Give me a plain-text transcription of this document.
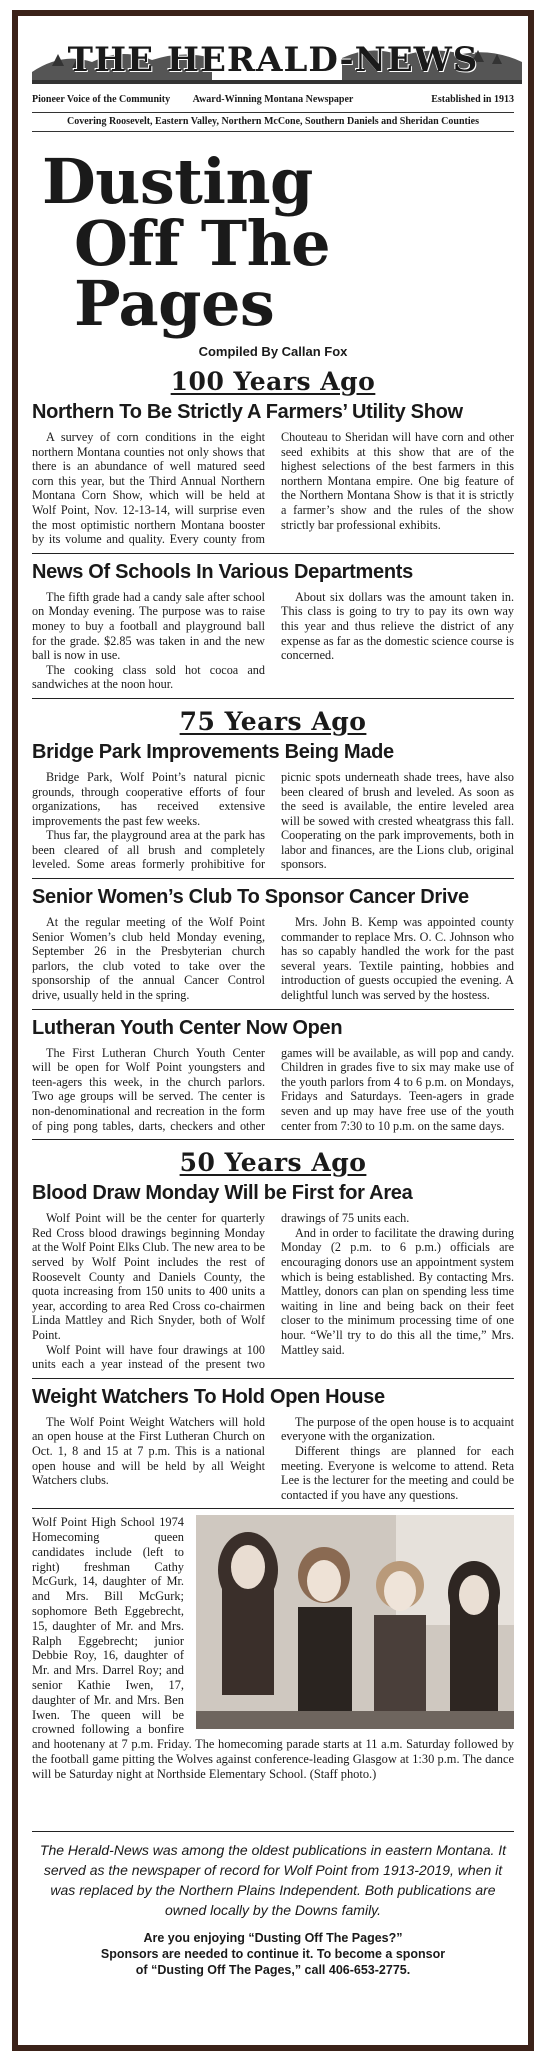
THE HERALD-NEWS
Pioneer Voice of the Community	Award-Winning Montana Newspaper	Established in 1913
Covering Roosevelt, Eastern Valley, Northern McCone, Southern Daniels and Sheridan Counties
Dusting
Off The Pages
Compiled By Callan Fox
100 Years Ago
Northern To Be Strictly A Farmers’ Utility Show

A survey of corn conditions in the eight northern Montana counties not only shows that there is an abundance of well matured seed corn this year, but the Third Annual Northern Montana Corn Show, which will be held at Wolf Point, Nov. 12-13-14, will surprise even the most optimistic northern Montana booster by its volume and quality. Every county from Chouteau to Sheridan will have corn and other seed exhibits at this show that are of the highest selections of the best farmers in this northern Montana empire. One big feature of the Northern Montana Show is that it is strictly a farmer’s show and the rules of the show strictly bar professional exhibits.

News Of Schools In Various Departments

The fifth grade had a candy sale after school on Monday evening. The purpose was to raise money to buy a football and playground ball for the grade. $2.85 was taken in and the new ball is now in use.

The cooking class sold hot cocoa and sandwiches at the noon hour.

About six dollars was the amount taken in. This class is going to try to pay its own way this year and thus relieve the district of any expense as far as the domestic science course is concerned.

75 Years Ago
Bridge Park Improvements Being Made

Bridge Park, Wolf Point’s natural picnic grounds, through cooperative efforts of four organizations, has received extensive improvements the past few weeks.

Thus far, the playground area at the park has been cleared of all brush and completely leveled. Some areas formerly prohibitive for picnic spots underneath shade trees, have also been cleared of brush and leveled. As soon as the seed is available, the entire leveled area will be sowed with crested wheatgrass this fall. Cooperating on the park improvements, both in labor and finances, are the Lions club, original sponsors.

Senior Women’s Club To Sponsor Cancer Drive

At the regular meeting of the Wolf Point Senior Women’s club held Monday evening, September 26 in the Presbyterian church parlors, the club voted to take over the sponsorship of the annual Cancer Control drive, usually held in the spring.

Mrs. John B. Kemp was appointed county commander to replace Mrs. O. C. Johnson who has so capably handled the work for the past several years. Textile painting, hobbies and introduction of guests occupied the evening. A delightful lunch was served by the hostess.

Lutheran Youth Center Now Open

The First Lutheran Church Youth Center will be open for Wolf Point youngsters and teen-agers this week, in the church parlors. Two age groups will be served. The center is non-denominational and recreation in the form of ping pong tables, darts, checkers and other games will be available, as will pop and candy. Children in grades five to six may make use of the youth parlors from 4 to 6 p.m. on Mondays, Fridays and Saturdays. Teen-agers in grade seven and up may have free use of the youth center from 7:30 to 10 p.m. on the same days.

50 Years Ago
Blood Draw Monday Will be First for Area

Wolf Point will be the center for quarterly Red Cross blood drawings beginning Monday at the Wolf Point Elks Club. The new area to be served by Wolf Point includes the rest of Roosevelt County and Daniels County, the quota increasing from 150 units to 400 units a year, according to area Red Cross co-chairmen Linda Mattley and Rich Snyder, both of Wolf Point.

Wolf Point will have four drawings at 100 units each a year instead of the present two drawings of 75 units each.

And in order to facilitate the drawing during Monday (2 p.m. to 6 p.m.) officials are encouraging donors use an appointment system which is being established. By contacting Mrs. Mattley, donors can plan on spending less time waiting in line and being back on their feet closer to the minimum processing time of one hour. “We’ll try to do this all the time,” Mrs. Mattley said.

Weight Watchers To Hold Open House

The Wolf Point Weight Watchers will hold an open house at the First Lutheran Church on Oct. 1, 8 and 15 at 7 p.m. This is a national open house and will be held by all Weight Watchers clubs.

The purpose of the open house is to acquaint everyone with the organization.

Different things are planned for each meeting. Everyone is welcome to attend. Reta Lee is the lecturer for the meeting and could be contacted if you have any questions.

Wolf Point High School 1974 Homecoming queen candidates include (left to right) freshman Cathy McGurk, 14, daughter of Mr. and Mrs. Bill McGurk; sophomore Beth Eggebrecht, 15, daughter of Mr. and Mrs. Ralph Eggebrecht; junior Debbie Roy, 16, daughter of Mr. and Mrs. Darrel Roy; and senior Kathie Iwen, 17, daughter of Mr. and Mrs. Ben Iwen. The queen will be crowned following a bonfire and hootenany at 7 p.m. Friday. The homecoming parade starts at 11 a.m. Saturday followed by the football game pitting the Wolves against conference-leading Glasgow at 1:30 p.m. The dance will be Saturday night at Northside Elementary School. (Staff photo.)
The Herald-News was among the oldest publications in eastern Montana. It served as the newspaper of record for Wolf Point from 1913-2019, when it was replaced by the Northern Plains Independent. Both publications are owned locally by the Downs family.
Are you enjoying “Dusting Off The Pages?”
Sponsors are needed to continue it. To become a sponsor
of “Dusting Off The Pages,” call 406-653-2775.
